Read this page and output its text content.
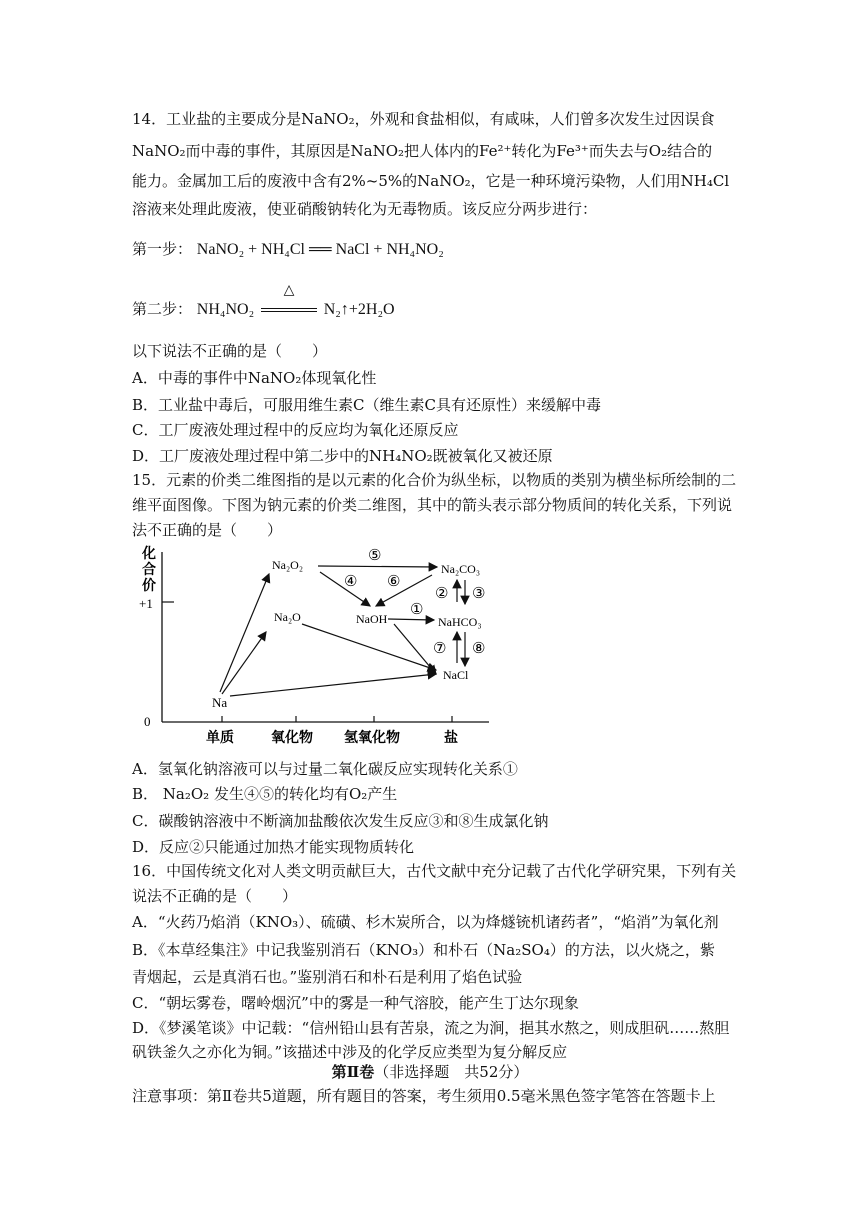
14．工业盐的主要成分是NaNO₂，外观和食盐相似，有咸味，人们曾多次发生过因误食
NaNO₂而中毒的事件，其原因是NaNO₂把人体内的Fe²⁺转化为Fe³⁺而失去与O₂结合的
能力。金属加工后的废液中含有2%~5%的NaNO₂，它是一种环境污染物，人们用NH₄Cl
溶液来处理此废液，使亚硝酸钠转化为无毒物质。该反应分两步进行：
第一步： NaNO₂ + NH₄Cl ══ NaCl + NH₄NO₂
第二步： NH₄NO₂
△
N₂↑+2H₂O
以下说法不正确的是（　　）
A．中毒的事件中NaNO₂体现氧化性
B．工业盐中毒后，可服用维生素C（维生素C具有还原性）来缓解中毒
C．工厂废液处理过程中的反应均为氧化还原反应
D．工厂废液处理过程中第二步中的NH₄NO₂既被氧化又被还原
15．元素的价类二维图指的是以元素的化合价为纵坐标，以物质的类别为横坐标所绘制的二
维平面图像。下图为钠元素的价类二维图，其中的箭头表示部分物质间的转化关系，下列说
法不正确的是（　　）
化
合
价
+1
0
单质	氧化物 氢氧化物	盐
Na
Na₂O₂
Na₂O	NaOH
Na₂CO₃
NaHCO₃
NaCl
⑤
④ ⑥
①
② ③
⑦ ⑧
A．氢氧化钠溶液可以与过量二氧化碳反应实现转化关系①
B． Na₂O₂ 发生④⑤的转化均有O₂产生
C．碳酸钠溶液中不断滴加盐酸依次发生反应③和⑧生成氯化钠
D．反应②只能通过加热才能实现物质转化
16．中国传统文化对人类文明贡献巨大，古代文献中充分记载了古代化学研究果，下列有关
说法不正确的是（　　）
A．“火药乃焰消（KNO₃）、硫磺、杉木炭所合，以为烽燧铳机诸药者”，“焰消”为氧化剂
B．《本草经集注》中记我鉴别消石（KNO₃）和朴石（Na₂SO₄）的方法，以火烧之，紫
青烟起，云是真消石也。”鉴别消石和朴石是利用了焰色试验
C．“朝坛雾卷，曙岭烟沉”中的雾是一种气溶胶，能产生丁达尔现象
D．《梦溪笔谈》中记载：“信州铅山县有苦泉，流之为涧，挹其水熬之，则成胆矾……熬胆
矾铁釜久之亦化为铜。”该描述中涉及的化学反应类型为复分解反应
第Ⅱ卷（非选择题　共52分）
注意事项：第Ⅱ卷共5道题，所有题目的答案，考生须用0.5毫米黑色签字笔答在答题卡上
